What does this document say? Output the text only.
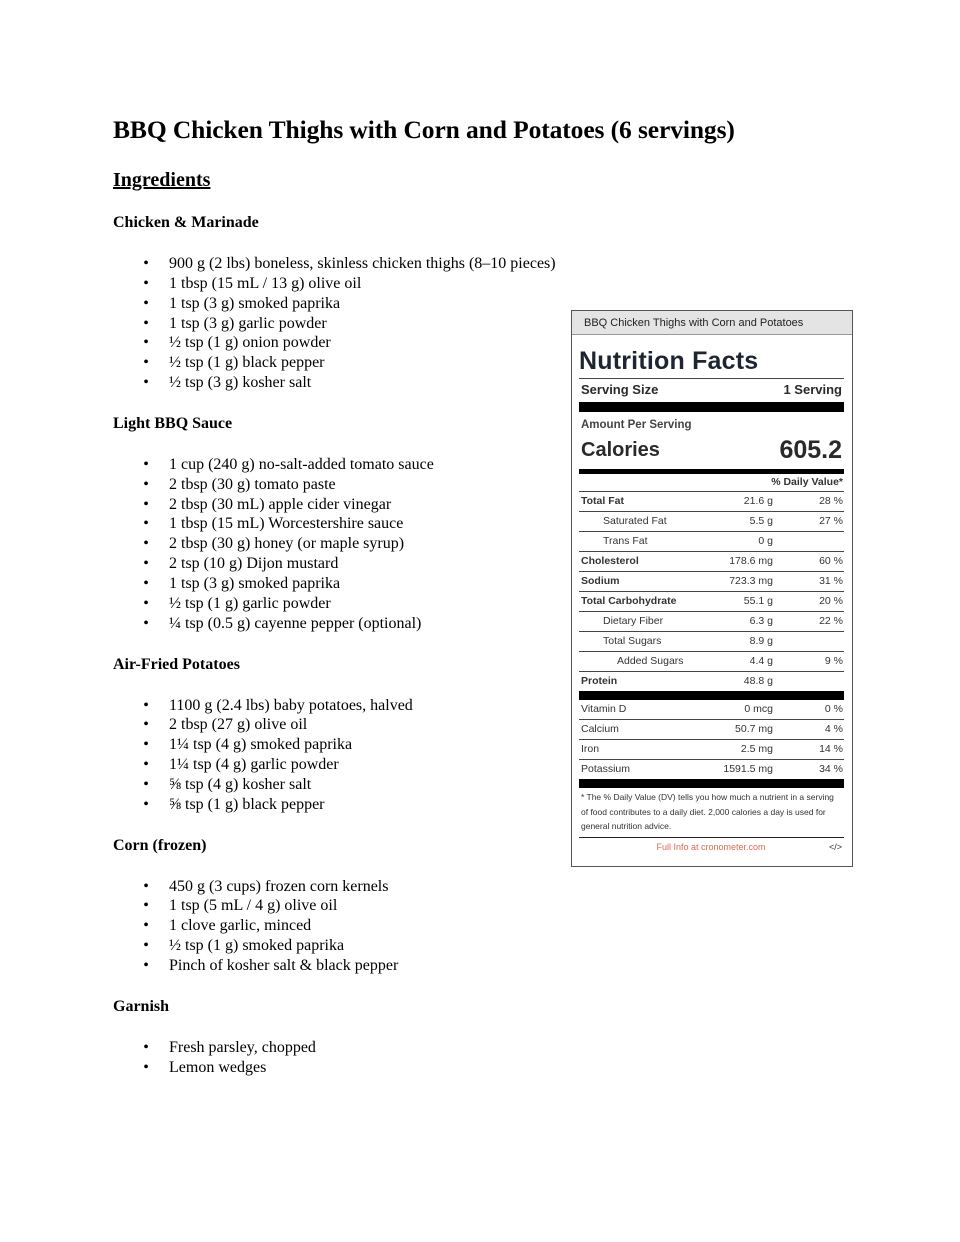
BBQ Chicken Thighs with Corn and Potatoes (6 servings)
Ingredients
Chicken & Marinade
• 900 g (2 lbs) boneless, skinless chicken thighs (8–10 pieces)
• 1 tbsp (15 mL / 13 g) olive oil
• 1 tsp (3 g) smoked paprika
• 1 tsp (3 g) garlic powder
• ½ tsp (1 g) onion powder
• ½ tsp (1 g) black pepper
• ½ tsp (3 g) kosher salt
Light BBQ Sauce
• 1 cup (240 g) no-salt-added tomato sauce
• 2 tbsp (30 g) tomato paste
• 2 tbsp (30 mL) apple cider vinegar
• 1 tbsp (15 mL) Worcestershire sauce
• 2 tbsp (30 g) honey (or maple syrup)
• 2 tsp (10 g) Dijon mustard
• 1 tsp (3 g) smoked paprika
• ½ tsp (1 g) garlic powder
• ¼ tsp (0.5 g) cayenne pepper (optional)
Air-Fried Potatoes
• 1100 g (2.4 lbs) baby potatoes, halved
• 2 tbsp (27 g) olive oil
• 1¼ tsp (4 g) smoked paprika
• 1¼ tsp (4 g) garlic powder
• ⅝ tsp (4 g) kosher salt
• ⅝ tsp (1 g) black pepper
Corn (frozen)
• 450 g (3 cups) frozen corn kernels
• 1 tsp (5 mL / 4 g) olive oil
• 1 clove garlic, minced
• ½ tsp (1 g) smoked paprika
• Pinch of kosher salt & black pepper
Garnish
• Fresh parsley, chopped
• Lemon wedges
BBQ Chicken Thighs with Corn and Potatoes
Nutrition Facts
Serving Size	1 Serving
Amount Per Serving
Calories	605.2
% Daily Value*
Total Fat	21.6 g	28 %
Saturated Fat	5.5 g	27 %
Trans Fat	0 g
Cholesterol	178.6 mg	60 %
Sodium	723.3 mg	31 %
Total Carbohydrate	55.1 g	20 %
Dietary Fiber	6.3 g	22 %
Total Sugars	8.9 g
Added Sugars	4.4 g	9 %
Protein	48.8 g
Vitamin D	0 mcg	0 %
Calcium	50.7 mg	4 %
Iron	2.5 mg	14 %
Potassium	1591.5 mg	34 %
* The % Daily Value (DV) tells you how much a nutrient in a serving of food contributes to a daily diet. 2,000 calories a day is used for general nutrition advice.
Full Info at cronometer.com	</>
